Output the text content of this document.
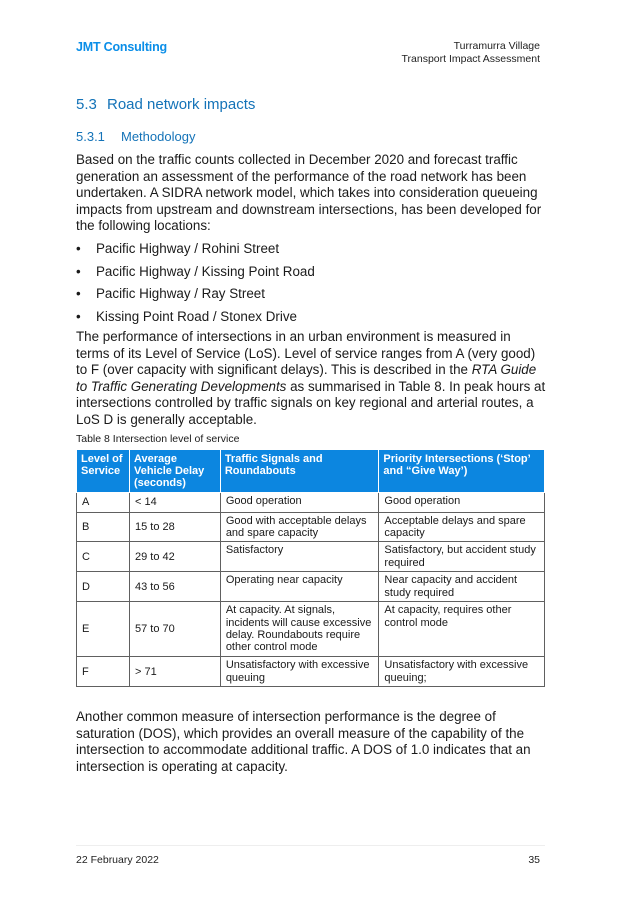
JMT Consulting	Turramurra Village
Transport Impact Assessment
5.3 Road network impacts
5.3.1 Methodology

Based on the traffic counts collected in December 2020 and forecast traffic generation an assessment of the performance of the road network has been undertaken. A SIDRA network model, which takes into consideration queueing impacts from upstream and downstream intersections, has been developed for the following locations:

• Pacific Highway / Rohini Street
• Pacific Highway / Kissing Point Road
• Pacific Highway / Ray Street
• Kissing Point Road / Stonex Drive

The performance of intersections in an urban environment is measured in terms of its Level of Service (LoS). Level of service ranges from A (very good) to F (over capacity with significant delays). This is described in the RTA Guide to Traffic Generating Developments as summarised in Table 8. In peak hours at intersections controlled by traffic signals on key regional and arterial routes, a LoS D is generally acceptable.

Table 8 Intersection level of service
Level of Service	Average Vehicle Delay (seconds)	Traffic Signals and Roundabouts	Priority Intersections (‘Stop’ and “Give Way’)
A	< 14	Good operation	Good operation
B	15 to 28	Good with acceptable delays and spare capacity	Acceptable delays and spare capacity
C	29 to 42	Satisfactory	Satisfactory, but accident study required
D	43 to 56	Operating near capacity	Near capacity and accident study required
E	57 to 70	At capacity. At signals, incidents will cause excessive delay. Roundabouts require other control mode	At capacity, requires other control mode
F	> 71	Unsatisfactory with excessive queuing	Unsatisfactory with excessive queuing;

Another common measure of intersection performance is the degree of saturation (DOS), which provides an overall measure of the capability of the intersection to accommodate additional traffic. A DOS of 1.0 indicates that an intersection is operating at capacity.

22 February 2022	35
